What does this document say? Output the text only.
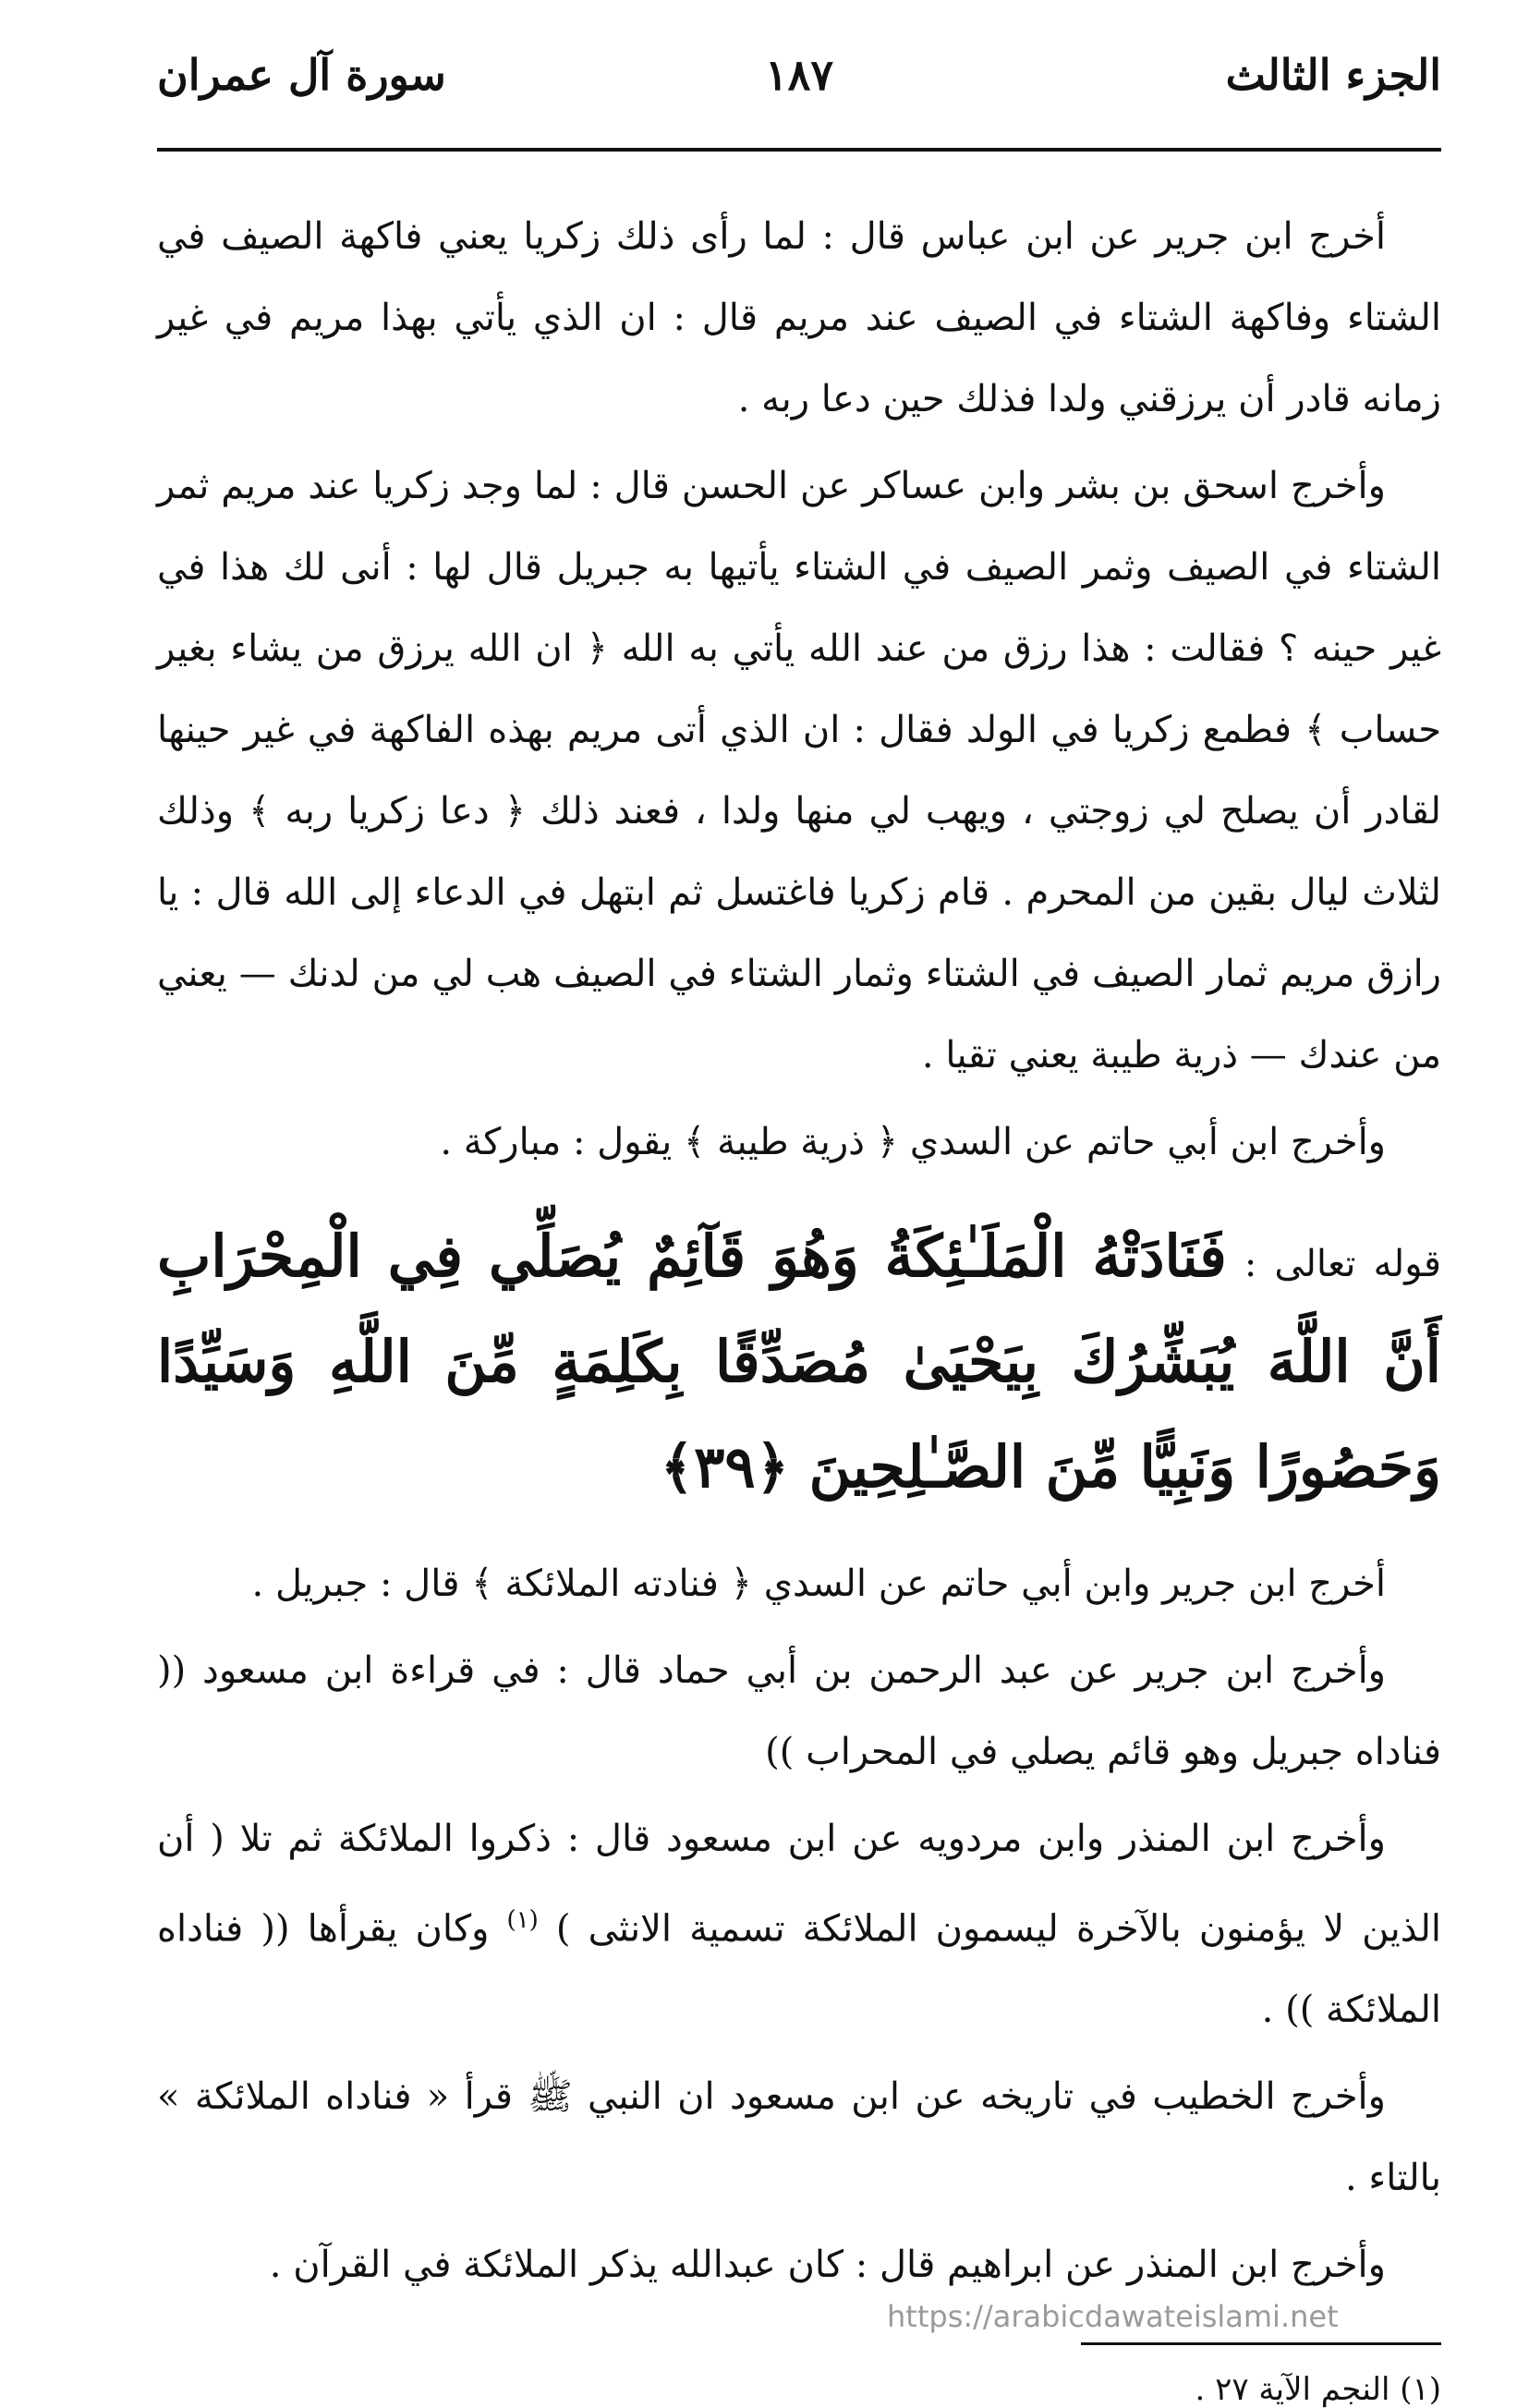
الجزء الثالث
١٨٧
سورة آل عمران

أخرج ابن جرير عن ابن عباس قال : لما رأى ذلك زكريا يعني فاكهة الصيف في الشتاء وفاكهة الشتاء في الصيف عند مريم قال : ان الذي يأتي بهذا مريم في غير زمانه قادر أن يرزقني ولدا فذلك حين دعا ربه .

وأخرج اسحق بن بشر وابن عساكر عن الحسن قال : لما وجد زكريا عند مريم ثمر الشتاء في الصيف وثمر الصيف في الشتاء يأتيها به جبريل قال لها : أنى لك هذا في غير حينه ؟ فقالت : هذا رزق من عند الله يأتي به الله ﴿ ان الله يرزق من يشاء بغير حساب ﴾ فطمع زكريا في الولد فقال : ان الذي أتى مريم بهذه الفاكهة في غير حينها لقادر أن يصلح لي زوجتي ، ويهب لي منها ولدا ، فعند ذلك ﴿ دعا زكريا ربه ﴾ وذلك لثلاث ليال بقين من المحرم . قام زكريا فاغتسل ثم ابتهل في الدعاء إلى الله قال : يا رازق مريم ثمار الصيف في الشتاء وثمار الشتاء في الصيف هب لي من لدنك — يعني من عندك — ذرية طيبة يعني تقيا .

وأخرج ابن أبي حاتم عن السدي ﴿ ذرية طيبة ﴾ يقول : مباركة .

قوله تعالى : فَنَادَتْهُ الْمَلَـٰئِكَةُ وَهُوَ قَآئِمٌ يُصَلِّي فِي الْمِحْرَابِ أَنَّ اللَّهَ يُبَشِّرُكَ بِيَحْيَىٰ مُصَدِّقًا بِكَلِمَةٍ مِّنَ اللَّهِ وَسَيِّدًا وَحَصُورًا وَنَبِيًّا مِّنَ الصَّـٰلِحِينَ ﴿٣٩﴾

أخرج ابن جرير وابن أبي حاتم عن السدي ﴿ فنادته الملائكة ﴾ قال : جبريل .

وأخرج ابن جرير عن عبد الرحمن بن أبي حماد قال : في قراءة ابن مسعود (( فناداه جبريل وهو قائم يصلي في المحراب ))

وأخرج ابن المنذر وابن مردويه عن ابن مسعود قال : ذكروا الملائكة ثم تلا ( أن الذين لا يؤمنون بالآخرة ليسمون الملائكة تسمية الانثى ) $^{(١)}$ وكان يقرأها (( فناداه الملائكة )) .

وأخرج الخطيب في تاريخه عن ابن مسعود ان النبي ﷺ قرأ « فناداه الملائكة » بالتاء .

وأخرج ابن المنذر عن ابراهيم قال : كان عبدالله يذكر الملائكة في القرآن .

(١) النجم الآية ٢٧ .
https://arabicdawateislami.net
